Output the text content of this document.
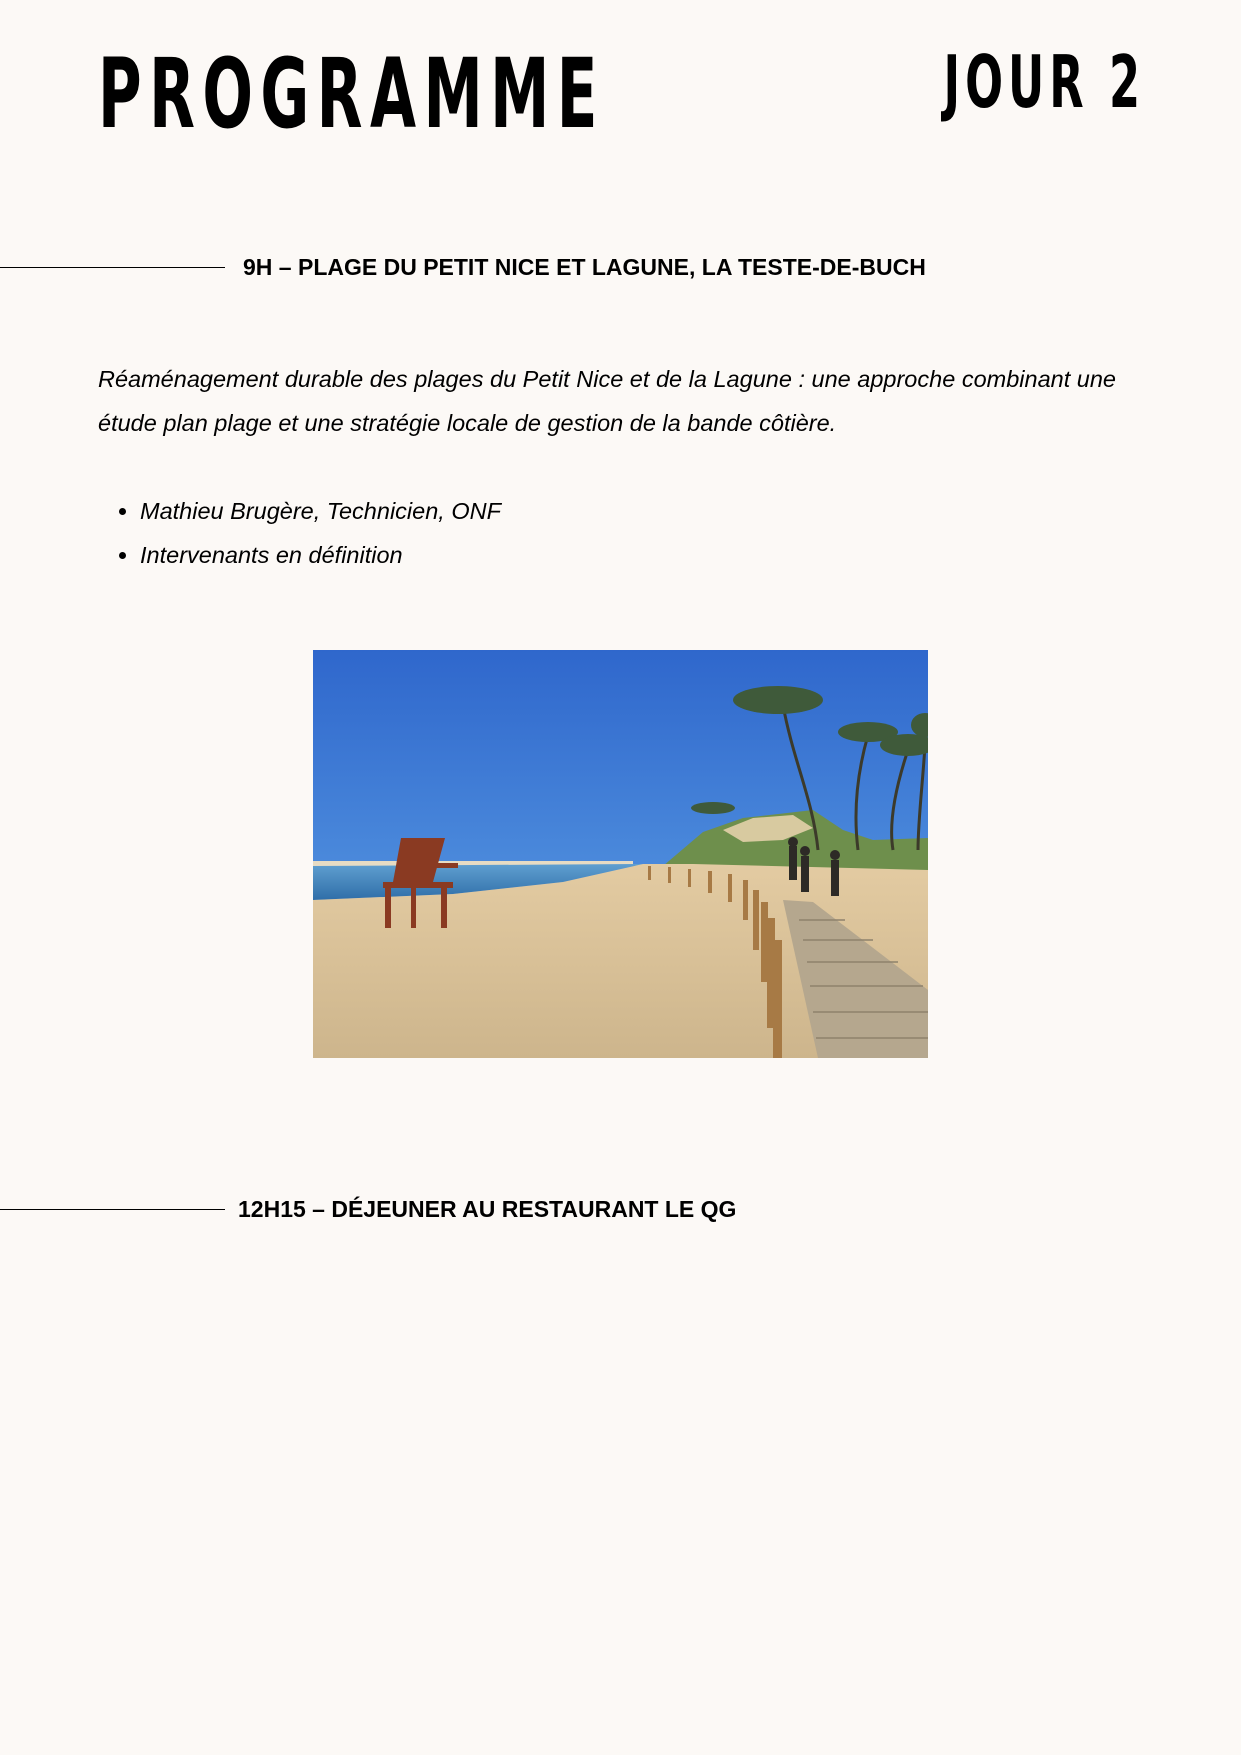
PROGRAMME	JOUR 2
9H – PLAGE DU PETIT NICE ET LAGUNE, LA TESTE-DE-BUCH

Réaménagement durable des plages du Petit Nice et de la Lagune : une approche combinant une étude plan plage et une stratégie locale de gestion de la bande côtière.

• Mathieu Brugère, Technicien, ONF
• Intervenants en définition
12H15 – DÉJEUNER AU RESTAURANT LE QG
